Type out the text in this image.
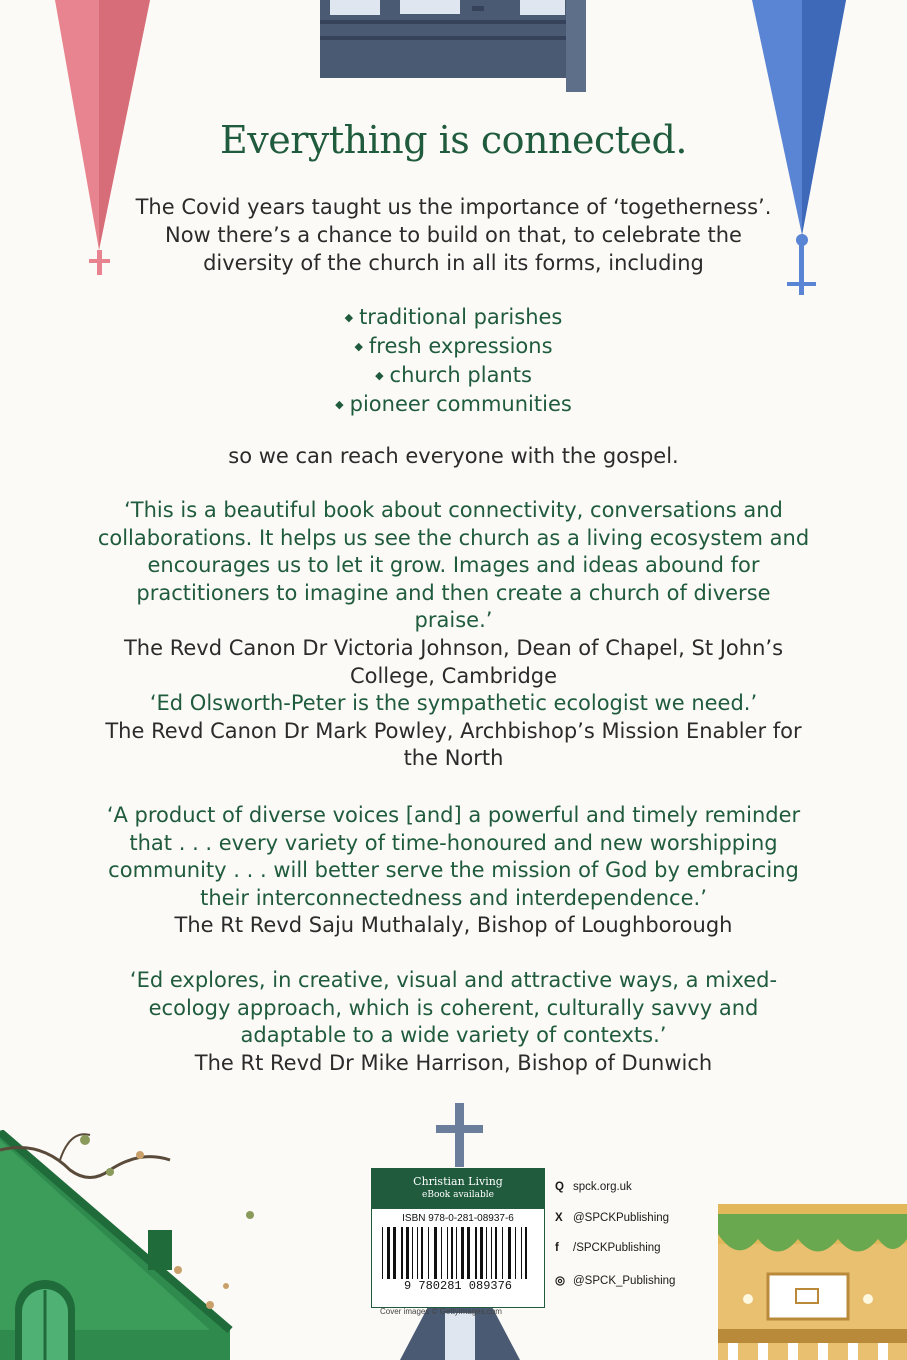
Everything is connected.
The Covid years taught us the importance of ‘togetherness’. Now there’s a chance to build on that, to celebrate the diversity of the church in all its forms, including
◆ traditional parishes
◆ fresh expressions
◆ church plants
◆ pioneer communities
so we can reach everyone with the gospel.
‘This is a beautiful book about connectivity, conversations and collaborations. It helps us see the church as a living ecosystem and encourages us to let it grow. Images and ideas abound for practitioners to imagine and then create a church of diverse praise.’
The Revd Canon Dr Victoria Johnson, Dean of Chapel, St John’s College, Cambridge
‘Ed Olsworth-Peter is the sympathetic ecologist we need.’
The Revd Canon Dr Mark Powley, Archbishop’s Mission Enabler for the North
‘A product of diverse voices [and] a powerful and timely reminder that . . . every variety of time-honoured and new worshipping community . . . will better serve the mission of God by embracing their interconnectedness and interdependence.’
The Rt Revd Saju Muthalaly, Bishop of Loughborough
‘Ed explores, in creative, visual and attractive ways, a mixed-ecology approach, which is coherent, culturally savvy and adaptable to a wide variety of contexts.’
The Rt Revd Dr Mike Harrison, Bishop of Dunwich
Christian Living
eBook available
ISBN 978-0-281-08937-6
9 780281 089376
Cover images © Gettyimages.com
Q spck.org.uk
X @SPCKPublishing
f /SPCKPublishing
◎ @SPCK_Publishing
